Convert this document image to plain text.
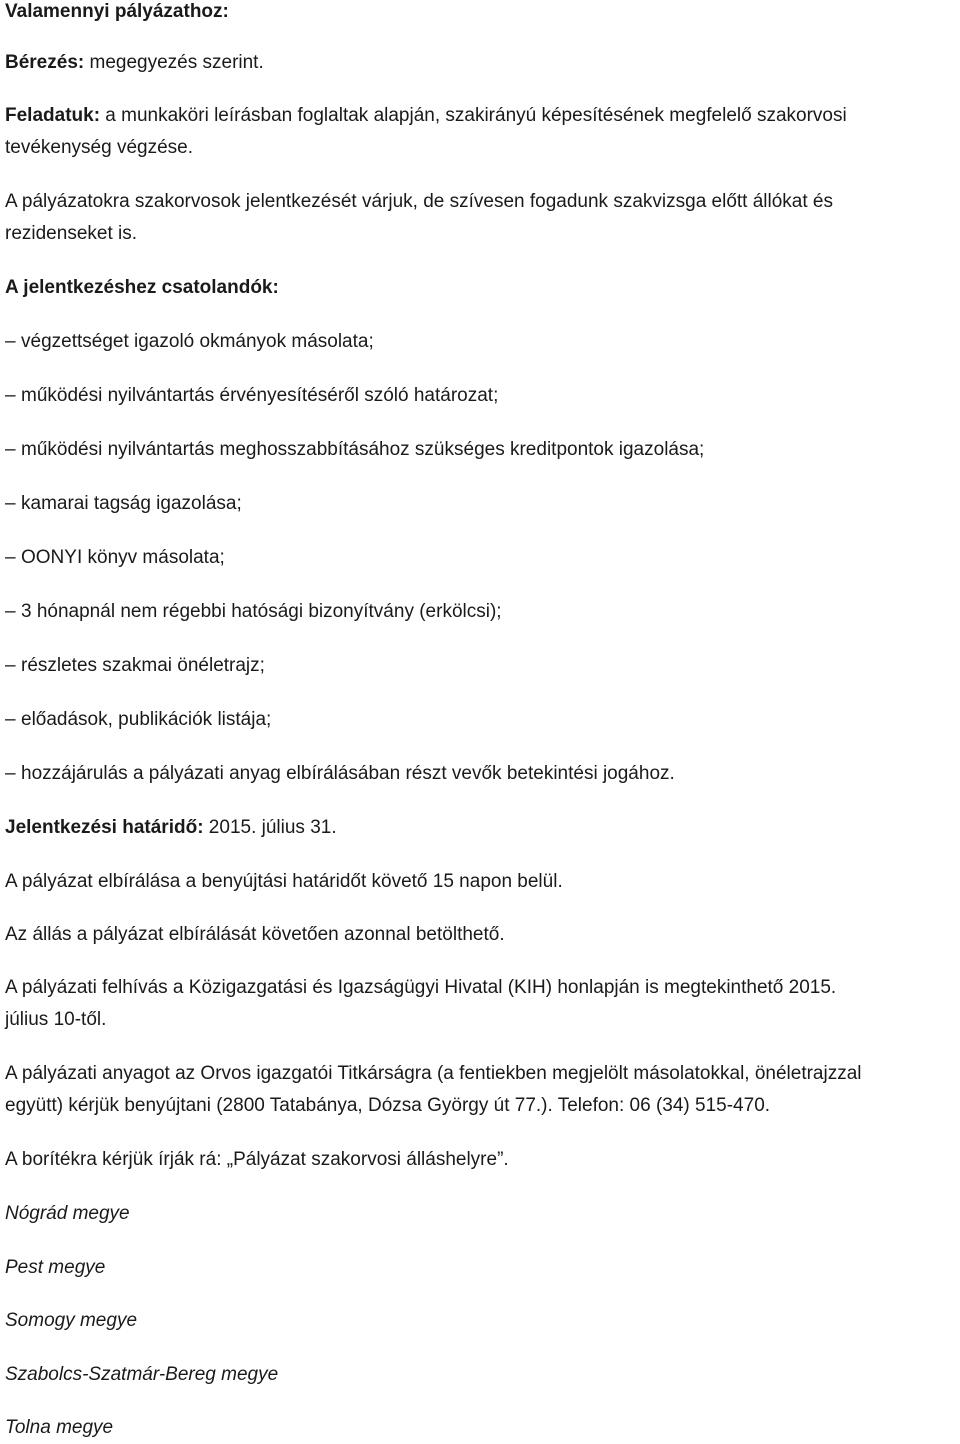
Valamennyi pályázathoz:

Bérezés: megegyezés szerint.

Feladatuk: a munkaköri leírásban foglaltak alapján, szakirányú képesítésének megfelelő szakorvosi

tevékenység végzése.

A pályázatokra szakorvosok jelentkezését várjuk, de szívesen fogadunk szakvizsga előtt állókat és

rezidenseket is.

A jelentkezéshez csatolandók:

– végzettséget igazoló okmányok másolata;

– működési nyilvántartás érvényesítéséről szóló határozat;

– működési nyilvántartás meghosszabbításához szükséges kreditpontok igazolása;

– kamarai tagság igazolása;

– OONYI könyv másolata;

– 3 hónapnál nem régebbi hatósági bizonyítvány (erkölcsi);

– részletes szakmai önéletrajz;

– előadások, publikációk listája;

– hozzájárulás a pályázati anyag elbírálásában részt vevők betekintési jogához.

Jelentkezési határidő: 2015. július 31.

A pályázat elbírálása a benyújtási határidőt követő 15 napon belül.

Az állás a pályázat elbírálását követően azonnal betölthető.

A pályázati felhívás a Közigazgatási és Igazságügyi Hivatal (KIH) honlapján is megtekinthető 2015.

július 10-től.

A pályázati anyagot az Orvos igazgatói Titkárságra (a fentiekben megjelölt másolatokkal, önéletrajzzal

együtt) kérjük benyújtani (2800 Tatabánya, Dózsa György út 77.). Telefon: 06 (34) 515-470.

A borítékra kérjük írják rá: „Pályázat szakorvosi álláshelyre”.

Nógrád megye

Pest megye

Somogy megye

Szabolcs-Szatmár-Bereg megye

Tolna megye
